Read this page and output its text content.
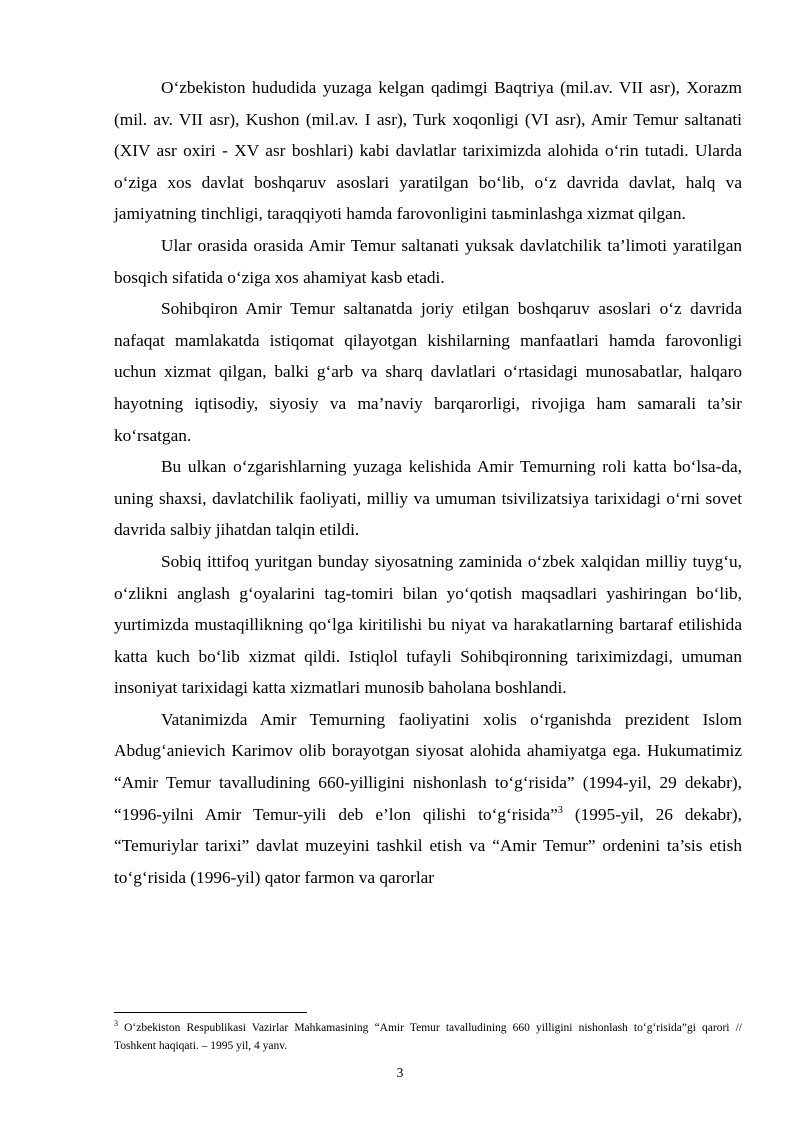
O‘zbekiston hududida yuzaga kelgan qadimgi Baqtriya (mil.av. VII asr), Xorazm (mil. av. VII asr), Kushon (mil.av. I asr), Turk xoqonligi (VI asr), Amir Temur saltanati (XIV asr oxiri - XV asr boshlari) kabi davlatlar tariximizda alohida o‘rin tutadi. Ularda o‘ziga xos davlat boshqaruv asoslari yaratilgan bo‘lib, o‘z davrida davlat, halq va jamiyatning tinchligi, taraqqiyoti hamda farovonligini taьminlashga xizmat qilgan.

Ular orasida orasida Amir Temur saltanati yuksak davlatchilik ta’limoti yaratilgan bosqich sifatida o‘ziga xos ahamiyat kasb etadi.

Sohibqiron Amir Temur saltanatda joriy etilgan boshqaruv asoslari o‘z davrida nafaqat mamlakatda istiqomat qilayotgan kishilarning manfaatlari hamda farovonligi uchun xizmat qilgan, balki g‘arb va sharq davlatlari o‘rtasidagi munosabatlar, halqaro hayotning iqtisodiy, siyosiy va ma’naviy barqarorligi, rivojiga ham samarali ta’sir ko‘rsatgan.

Bu ulkan o‘zgarishlarning yuzaga kelishida Amir Temurning roli katta bo‘lsa-da, uning shaxsi, davlatchilik faoliyati, milliy va umuman tsivilizatsiya tarixidagi o‘rni sovet davrida salbiy jihatdan talqin etildi.

Sobiq ittifoq yuritgan bunday siyosatning zaminida o‘zbek xalqidan milliy tuyg‘u, o‘zlikni anglash g‘oyalarini tag-tomiri bilan yo‘qotish maqsadlari yashiringan bo‘lib, yurtimizda mustaqillikning qo‘lga kiritilishi bu niyat va harakatlarning bartaraf etilishida katta kuch bo‘lib xizmat qildi. Istiqlol tufayli Sohibqironning tariximizdagi, umuman insoniyat tarixidagi katta xizmatlari munosib baholana boshlandi.

Vatanimizda Amir Temurning faoliyatini xolis o‘rganishda prezident Islom Abdug‘anievich Karimov olib borayotgan siyosat alohida ahamiyatga ega. Hukumatimiz “Amir Temur tavalludining 660-yilligini nishonlash to‘g‘risida” (1994-yil, 29 dekabr), “1996-yilni Amir Temur-yili deb e’lon qilishi to‘g‘risida”$^3$ (1995-yil, 26 dekabr), “Temuriylar tarixi” davlat muzeyini tashkil etish va “Amir Temur” ordenini ta’sis etish to‘g‘risida (1996-yil) qator farmon va qarorlar

$^3$ O‘zbekiston Respublikasi Vazirlar Mahkamasining “Amir Temur tavalludining 660 yilligini nishonlash to‘g‘risida”gi qarori // Toshkent haqiqati. – 1995 yil, 4 yanv.

3
